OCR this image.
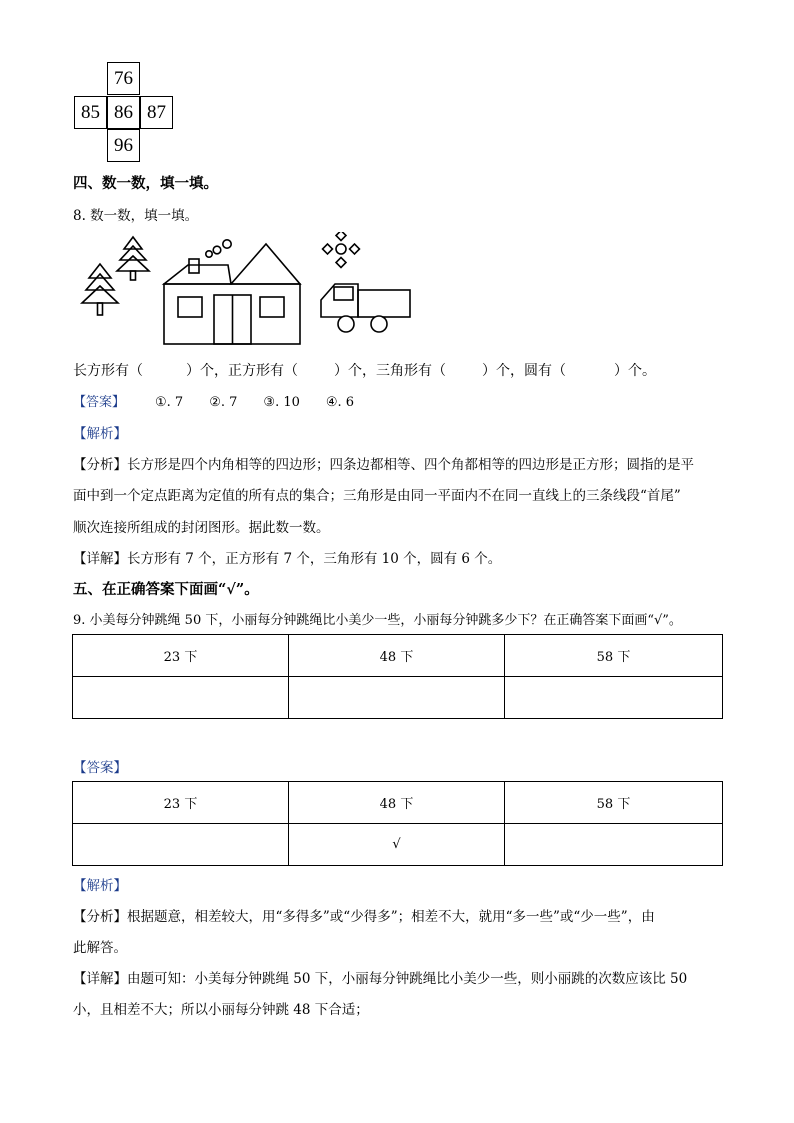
76
85 86 87
96
四、数一数，填一填。
8. 数一数，填一填。
长方形有（	）个，正方形有（	）个，三角形有（	）个，圆有（	）个。
【答案】 ①. 7 ②. 7 ③. 10 ④. 6
【解析】
【分析】长方形是四个内角相等的四边形；四条边都相等、四个角都相等的四边形是正方形；圆指的是平
面中到一个定点距离为定值的所有点的集合；三角形是由同一平面内不在同一直线上的三条线段“首尾”
顺次连接所组成的封闭图形。据此数一数。
【详解】长方形有 7 个，正方形有 7 个，三角形有 10 个，圆有 6 个。
五、在正确答案下面画“√”。
9. 小美每分钟跳绳 50 下，小丽每分钟跳绳比小美少一些，小丽每分钟跳多少下？在正确答案下面画“√”。
23 下	48 下	58 下

【答案】
23 下	48 下	58 下
	√	
【解析】
【分析】根据题意，相差较大，用“多得多”或“少得多”；相差不大，就用“多一些”或“少一些”，由
此解答。
【详解】由题可知：小美每分钟跳绳 50 下，小丽每分钟跳绳比小美少一些，则小丽跳的次数应该比 50
小，且相差不大；所以小丽每分钟跳 48 下合适；
